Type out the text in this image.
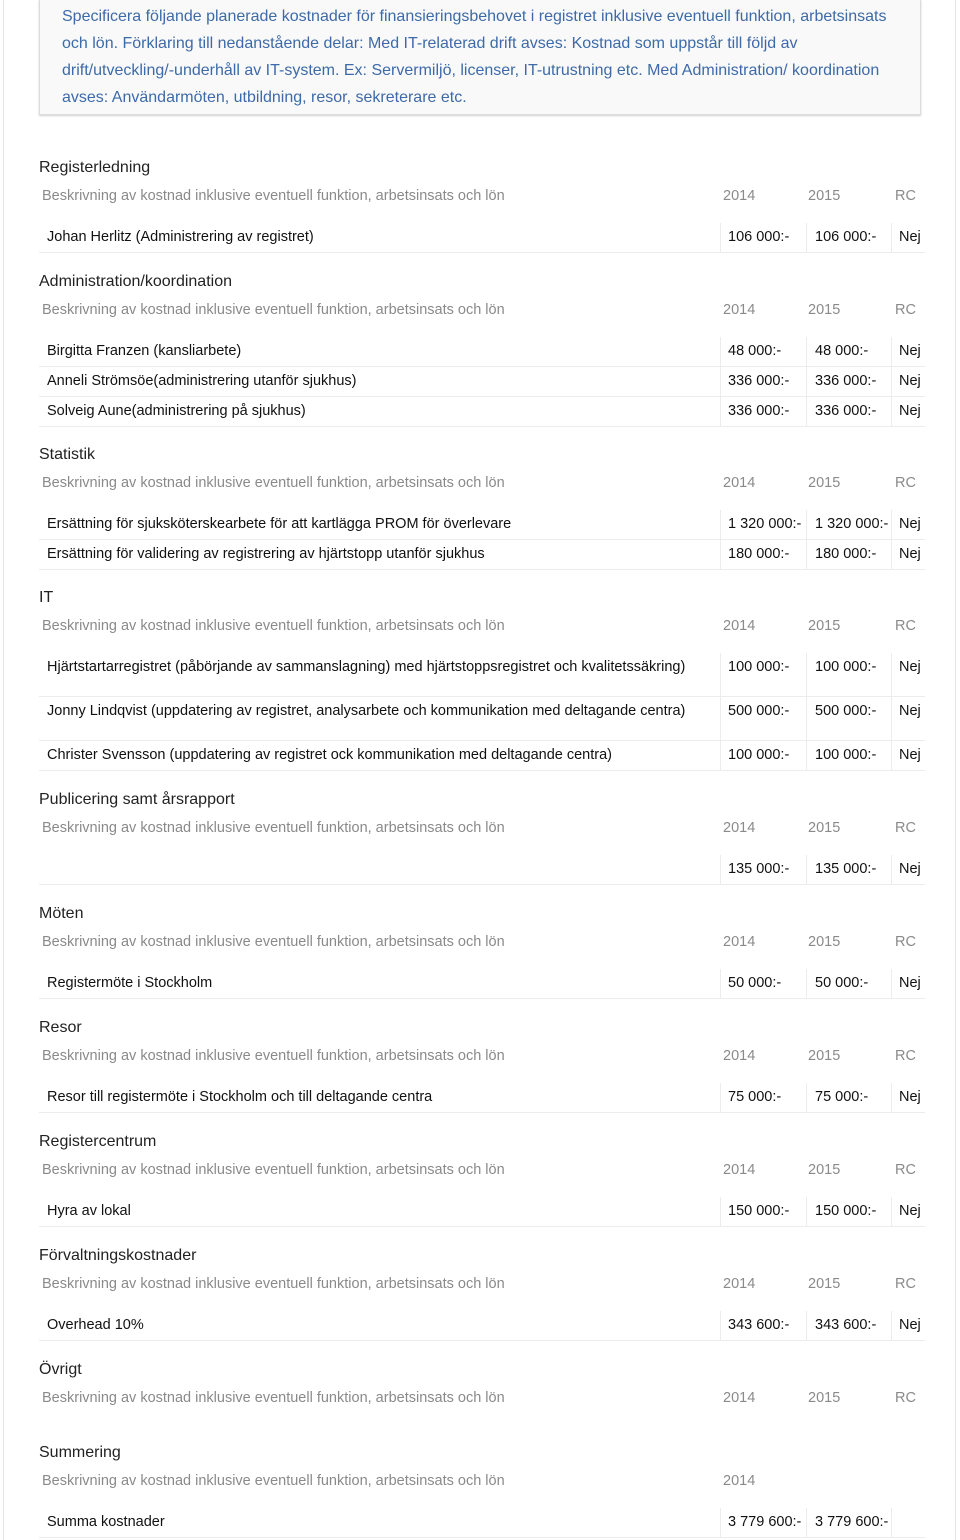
Specificera följande planerade kostnader för finansieringsbehovet i registret inklusive eventuell funktion, arbetsinsats och lön. Förklaring till nedanstående delar: Med IT-relaterad drift avses: Kostnad som uppstår till följd av drift/utveckling/-underhåll av IT-system. Ex: Servermiljö, licenser, IT-utrustning etc. Med Administration/ koordination avses: Användarmöten, utbildning, resor, sekreterare etc.
Registerledning
Beskrivning av kostnad inklusive eventuell funktion, arbetsinsats och lön	2014	2015	RC
Johan Herlitz (Administrering av registret)	106 000:- 106 000:- Nej
Administration/koordination
Beskrivning av kostnad inklusive eventuell funktion, arbetsinsats och lön	2014	2015	RC
Birgitta Franzen (kansliarbete)	48 000:- 48 000:- Nej
Anneli Strömsöe(administrering utanför sjukhus)	336 000:- 336 000:- Nej
Solveig Aune(administrering på sjukhus)	336 000:- 336 000:- Nej
Statistik
Beskrivning av kostnad inklusive eventuell funktion, arbetsinsats och lön	2014	2015	RC
Ersättning för sjuksköterskearbete för att kartlägga PROM för överlevare	1 320 000:- 1 320 000:- Nej
Ersättning för validering av registrering av hjärtstopp utanför sjukhus	180 000:- 180 000:- Nej
IT
Beskrivning av kostnad inklusive eventuell funktion, arbetsinsats och lön	2014	2015	RC
Hjärtstartarregistret (påbörjande av sammanslagning) med hjärtstoppsregistret och kvalitetssäkring)	100 000:- 100 000:- Nej
Jonny Lindqvist (uppdatering av registret, analysarbete och kommunikation med deltagande centra)	500 000:- 500 000:- Nej
Christer Svensson (uppdatering av registret ock kommunikation med deltagande centra)	100 000:- 100 000:- Nej
Publicering samt årsrapport
Beskrivning av kostnad inklusive eventuell funktion, arbetsinsats och lön	2014	2015	RC
135 000:- 135 000:- Nej
Möten
Beskrivning av kostnad inklusive eventuell funktion, arbetsinsats och lön	2014	2015	RC
Registermöte i Stockholm	50 000:- 50 000:- Nej
Resor
Beskrivning av kostnad inklusive eventuell funktion, arbetsinsats och lön	2014	2015	RC
Resor till registermöte i Stockholm och till deltagande centra	75 000:- 75 000:- Nej
Registercentrum
Beskrivning av kostnad inklusive eventuell funktion, arbetsinsats och lön	2014	2015	RC
Hyra av lokal	150 000:- 150 000:- Nej
Förvaltningskostnader
Beskrivning av kostnad inklusive eventuell funktion, arbetsinsats och lön	2014	2015	RC
Overhead 10%	343 600:- 343 600:- Nej
Övrigt
Beskrivning av kostnad inklusive eventuell funktion, arbetsinsats och lön	2014	2015	RC
Summering
Beskrivning av kostnad inklusive eventuell funktion, arbetsinsats och lön	2014
Summa kostnader	3 779 600:- 3 779 600:-
